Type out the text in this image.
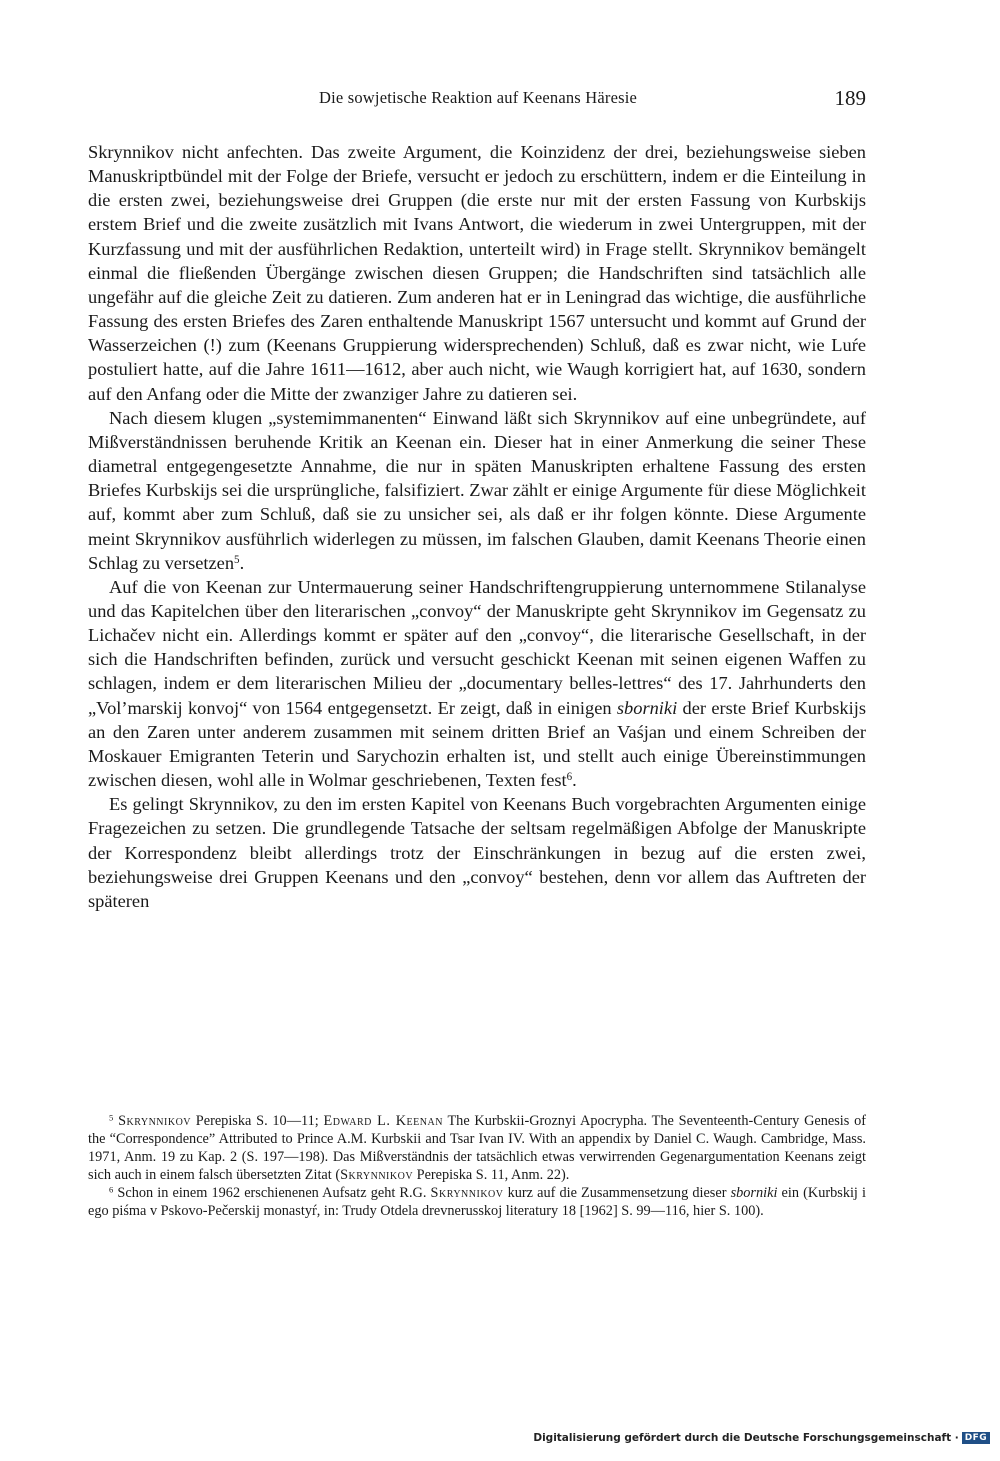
Die sowjetische Reaktion auf Keenans Häresie	189

Skrynnikov nicht anfechten. Das zweite Argument, die Koinzidenz der drei, beziehungsweise sieben Manuskriptbündel mit der Folge der Briefe, versucht er jedoch zu erschüttern, indem er die Einteilung in die ersten zwei, beziehungsweise drei Gruppen (die erste nur mit der ersten Fassung von Kurbskijs erstem Brief und die zweite zusätzlich mit Ivans Antwort, die wiederum in zwei Untergruppen, mit der Kurzfassung und mit der ausführlichen Redaktion, unterteilt wird) in Frage stellt. Skrynnikov bemängelt einmal die fließenden Übergänge zwischen diesen Gruppen; die Handschriften sind tatsächlich alle ungefähr auf die gleiche Zeit zu datieren. Zum anderen hat er in Leningrad das wichtige, die ausführliche Fassung des ersten Briefes des Zaren enthaltende Manuskript 1567 untersucht und kommt auf Grund der Wasserzeichen (!) zum (Keenans Gruppierung widersprechenden) Schluß, daß es zwar nicht, wie Luŕe postuliert hatte, auf die Jahre 1611—1612, aber auch nicht, wie Waugh korrigiert hat, auf 1630, sondern auf den Anfang oder die Mitte der zwanziger Jahre zu datieren sei.

Nach diesem klugen „systemimmanenten“ Einwand läßt sich Skrynnikov auf eine unbegründete, auf Mißverständnissen beruhende Kritik an Keenan ein. Dieser hat in einer Anmerkung die seiner These diametral entgegengesetzte Annahme, die nur in späten Manuskripten erhaltene Fassung des ersten Briefes Kurbskijs sei die ursprüngliche, falsifiziert. Zwar zählt er einige Argumente für diese Möglichkeit auf, kommt aber zum Schluß, daß sie zu unsicher sei, als daß er ihr folgen könnte. Diese Argumente meint Skrynnikov ausführlich widerlegen zu müssen, im falschen Glauben, damit Keenans Theorie einen Schlag zu versetzen$^5$.

Auf die von Keenan zur Untermauerung seiner Handschriftengruppierung unternommene Stilanalyse und das Kapitelchen über den literarischen „convoy“ der Manuskripte geht Skrynnikov im Gegensatz zu Lichačev nicht ein. Allerdings kommt er später auf den „convoy“, die literarische Gesellschaft, in der sich die Handschriften befinden, zurück und versucht geschickt Keenan mit seinen eigenen Waffen zu schlagen, indem er dem literarischen Milieu der „documentary belles-lettres“ des 17. Jahrhunderts den „Vol’marskij konvoj“ von 1564 entgegensetzt. Er zeigt, daß in einigen sborniki der erste Brief Kurbskijs an den Zaren unter anderem zusammen mit seinem dritten Brief an Vaśjan und einem Schreiben der Moskauer Emigranten Teterin und Sarychozin erhalten ist, und stellt auch einige Übereinstimmungen zwischen diesen, wohl alle in Wolmar geschriebenen, Texten fest$^6$.

Es gelingt Skrynnikov, zu den im ersten Kapitel von Keenans Buch vorgebrachten Argumenten einige Fragezeichen zu setzen. Die grundlegende Tatsache der seltsam regelmäßigen Abfolge der Manuskripte der Korrespondenz bleibt allerdings trotz der Einschränkungen in bezug auf die ersten zwei, beziehungsweise drei Gruppen Keenans und den „convoy“ bestehen, denn vor allem das Auftreten der späteren

$^5$ Skrynnikov Perepiska S. 10—11; Edward L. Keenan The Kurbskii-Groznyi Apocrypha. The Seventeenth-Century Genesis of the “Correspondence” Attributed to Prince A.M. Kurbskii and Tsar Ivan IV. With an appendix by Daniel C. Waugh. Cambridge, Mass. 1971, Anm. 19 zu Kap. 2 (S. 197—198). Das Mißverständnis der tatsächlich etwas verwirrenden Gegenargumentation Keenans zeigt sich auch in einem falsch übersetzten Zitat (Skrynnikov Perepiska S. 11, Anm. 22).

$^6$ Schon in einem 1962 erschienenen Aufsatz geht R.G. Skrynnikov kurz auf die Zusammensetzung dieser sborniki ein (Kurbskij i ego piśma v Pskovo-Pečerskij monastyŕ, in: Trudy Otdela drevnerusskoj literatury 18 [1962] S. 99—116, hier S. 100).

Digitalisierung gefördert durch die Deutsche Forschungsgemeinschaft · DFG
